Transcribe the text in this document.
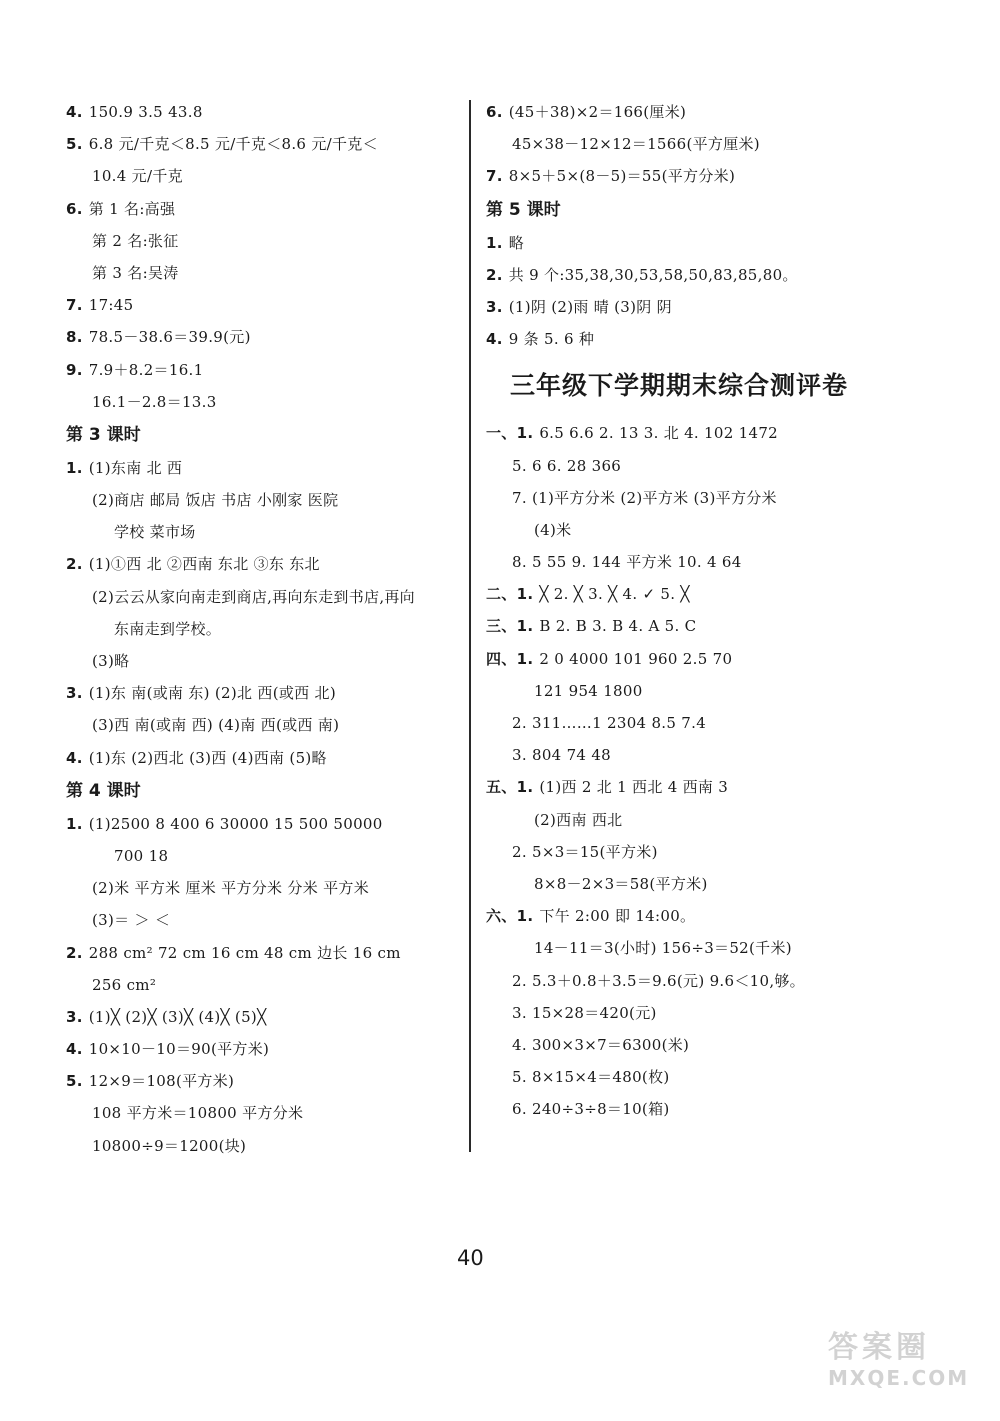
4. 150.9 3.5 43.8
5. 6.8 元/千克＜8.5 元/千克＜8.6 元/千克＜
10.4 元/千克
6. 第 1 名:高强
第 2 名:张征
第 3 名:吴涛
7. 17:45
8. 78.5－38.6＝39.9(元)
9. 7.9＋8.2＝16.1
16.1－2.8＝13.3
第 3 课时
1. (1)东南 北 西
(2)商店 邮局 饭店 书店 小刚家 医院
学校 菜市场
2. (1)①西 北 ②西南 东北 ③东 东北
(2)云云从家向南走到商店,再向东走到书店,再向
东南走到学校。
(3)略
3. (1)东 南(或南 东) (2)北 西(或西 北)
(3)西 南(或南 西) (4)南 西(或西 南)
4. (1)东 (2)西北 (3)西 (4)西南 (5)略
第 4 课时
1. (1)2500 8 400 6 30000 15 500 50000
700 18
(2)米 平方米 厘米 平方分米 分米 平方米
(3)＝ ＞ ＜
2. 288 cm² 72 cm 16 cm 48 cm 边长 16 cm
256 cm²
3. (1)╳ (2)╳ (3)╳ (4)╳ (5)╳
4. 10×10－10＝90(平方米)
5. 12×9＝108(平方米)
108 平方米＝10800 平方分米
10800÷9＝1200(块)
6. (45＋38)×2＝166(厘米)
45×38－12×12＝1566(平方厘米)
7. 8×5＋5×(8－5)＝55(平方分米)
第 5 课时
1. 略
2. 共 9 个:35,38,30,53,58,50,83,85,80。
3. (1)阴 (2)雨 晴 (3)阴 阴
4. 9 条 5. 6 种
三年级下学期期末综合测评卷
一、1. 6.5 6.6 2. 13 3. 北 4. 102 1472
5. 6 6. 28 366
7. (1)平方分米 (2)平方米 (3)平方分米
(4)米
8. 5 55 9. 144 平方米 10. 4 64
二、1. ╳ 2. ╳ 3. ╳ 4. ✓ 5. ╳
三、1. B 2. B 3. B 4. A 5. C
四、1. 2 0 4000 101 960 2.5 70
121 954 1800
2. 311……1 2304 8.5 7.4
3. 804 74 48
五、1. (1)西 2 北 1 西北 4 西南 3
(2)西南 西北
2. 5×3＝15(平方米)
8×8－2×3＝58(平方米)
六、1. 下午 2:00 即 14:00。
14－11＝3(小时) 156÷3＝52(千米)
2. 5.3＋0.8＋3.5＝9.6(元) 9.6＜10,够。
3. 15×28＝420(元)
4. 300×3×7＝6300(米)
5. 8×15×4＝480(枚)
6. 240÷3÷8＝10(箱)
40
答案圈
MXQE.COM
